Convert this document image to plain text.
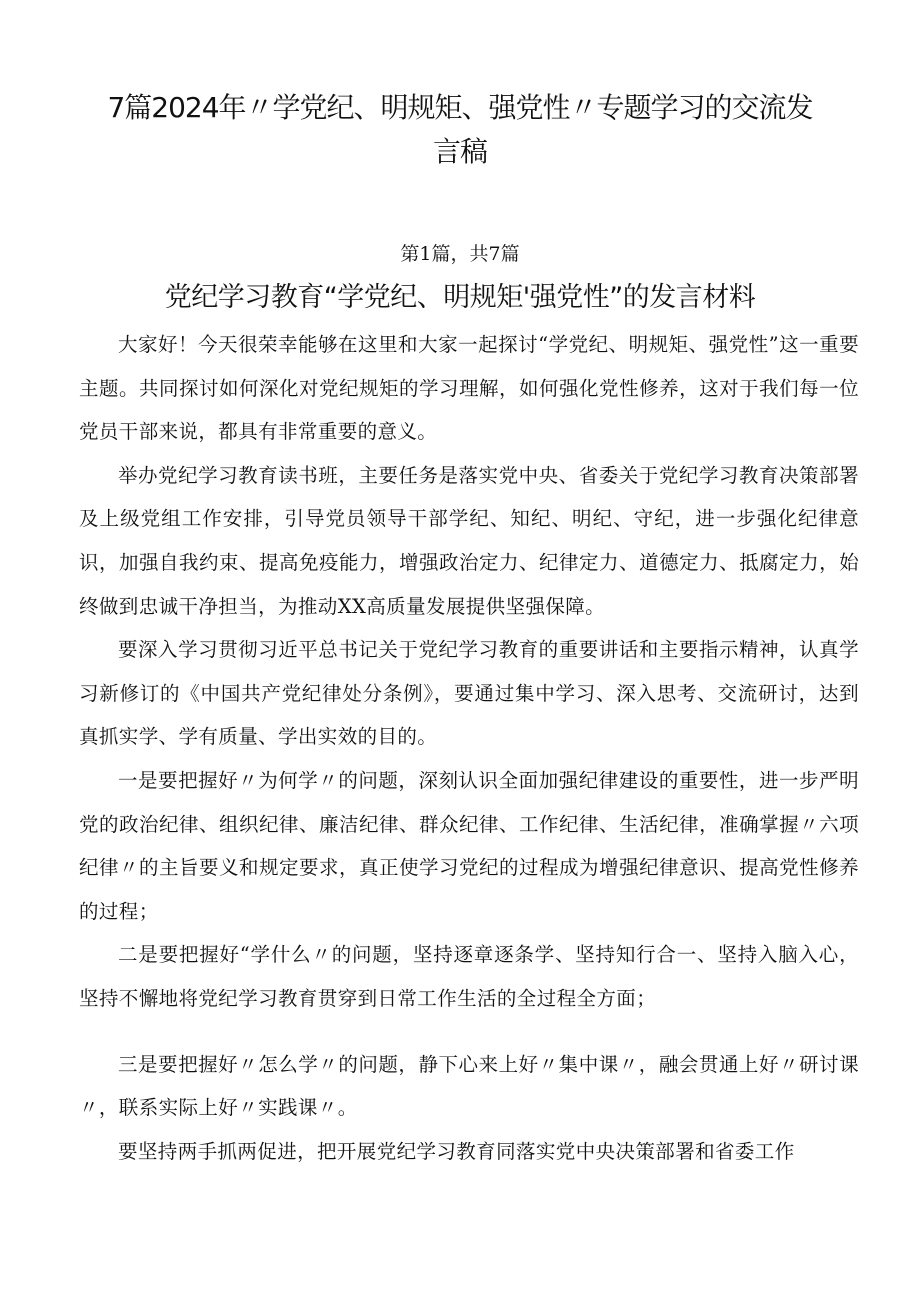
7篇2024年〃学党纪、明规矩、强党性〃专题学习的交流发言稿
第1篇，共7篇
党纪学习教育“学党纪、明规矩'强党性”的发言材料

大家好！今天很荣幸能够在这里和大家一起探讨“学党纪、明规矩、强党性”这一重要主题。共同探讨如何深化对党纪规矩的学习理解，如何强化党性修养，这对于我们每一位党员干部来说，都具有非常重要的意义。

举办党纪学习教育读书班，主要任务是落实党中央、省委关于党纪学习教育决策部署及上级党组工作安排，引导党员领导干部学纪、知纪、明纪、守纪，进一步强化纪律意识，加强自我约束、提高免疫能力，增强政治定力、纪律定力、道德定力、抵腐定力，始终做到忠诚干净担当，为推动XX高质量发展提供坚强保障。

要深入学习贯彻习近平总书记关于党纪学习教育的重要讲话和主要指示精神，认真学习新修订的《中国共产党纪律处分条例》，要通过集中学习、深入思考、交流研讨，达到真抓实学、学有质量、学出实效的目的。

一是要把握好〃为何学〃的问题，深刻认识全面加强纪律建设的重要性，进一步严明党的政治纪律、组织纪律、廉洁纪律、群众纪律、工作纪律、生活纪律，准确掌握〃六项纪律〃的主旨要义和规定要求，真正使学习党纪的过程成为增强纪律意识、提高党性修养的过程；

二是要把握好“学什么〃的问题，坚持逐章逐条学、坚持知行合一、坚持入脑入心，坚持不懈地将党纪学习教育贯穿到日常工作生活的全过程全方面；

三是要把握好〃怎么学〃的问题，静下心来上好〃集中课〃，融会贯通上好〃研讨课〃，联系实际上好〃实践课〃。

要坚持两手抓两促进，把开展党纪学习教育同落实党中央决策部署和省委工作
